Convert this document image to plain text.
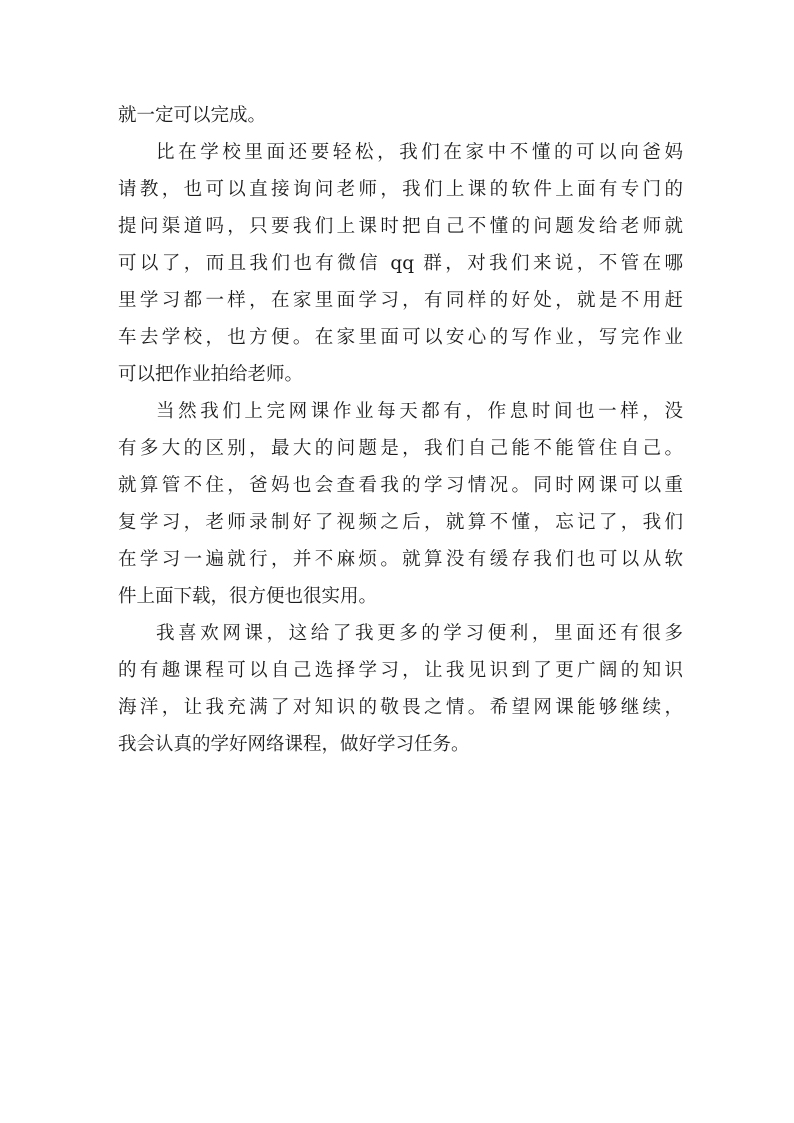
就一定可以完成。
比在学校里面还要轻松，我们在家中不懂的可以向爸妈
请教，也可以直接询问老师，我们上课的软件上面有专门的
提问渠道吗，只要我们上课时把自己不懂的问题发给老师就
可以了，而且我们也有微信 qq 群，对我们来说，不管在哪
里学习都一样，在家里面学习，有同样的好处，就是不用赶
车去学校，也方便。在家里面可以安心的写作业，写完作业
可以把作业拍给老师。
当然我们上完网课作业每天都有，作息时间也一样，没
有多大的区别，最大的问题是，我们自己能不能管住自己。
就算管不住，爸妈也会查看我的学习情况。同时网课可以重
复学习，老师录制好了视频之后，就算不懂，忘记了，我们
在学习一遍就行，并不麻烦。就算没有缓存我们也可以从软
件上面下载，很方便也很实用。
我喜欢网课，这给了我更多的学习便利，里面还有很多
的有趣课程可以自己选择学习，让我见识到了更广阔的知识
海洋，让我充满了对知识的敬畏之情。希望网课能够继续，
我会认真的学好网络课程，做好学习任务。
